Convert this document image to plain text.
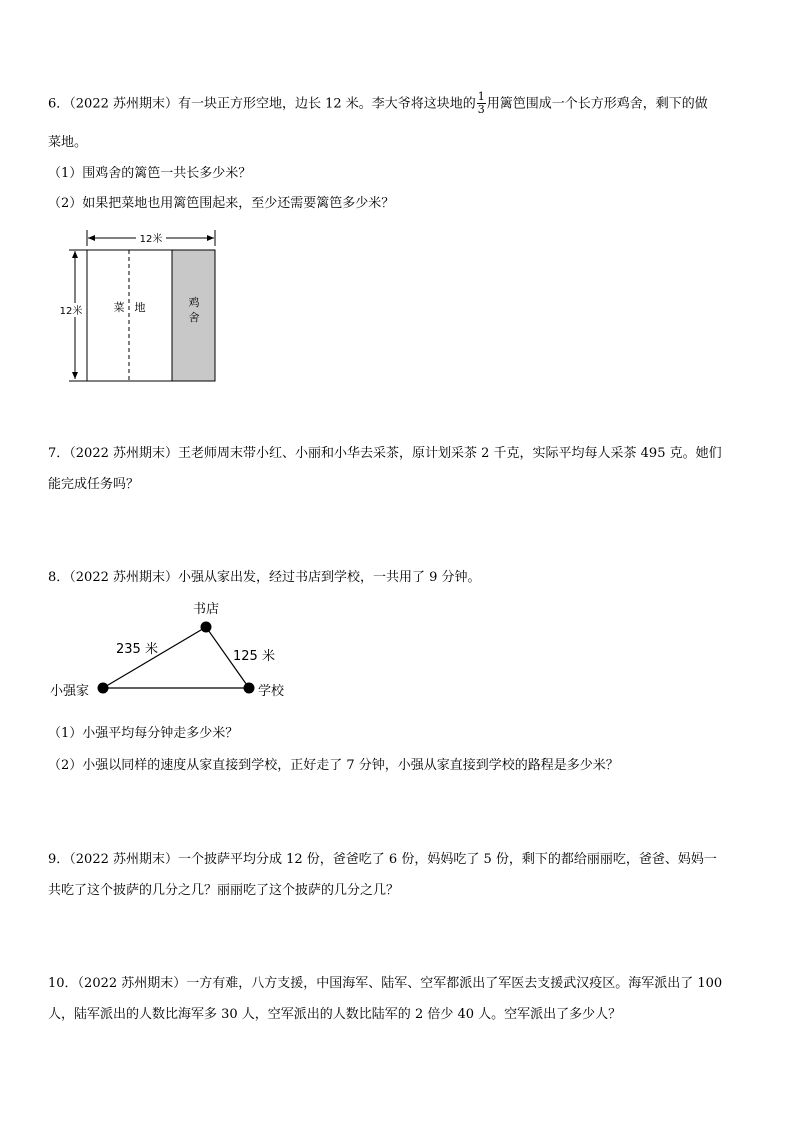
6．（2022 苏州期末）有一块正方形空地，边长 12 米。李大爷将这块地的 $\frac{1}{3}$ 用篱笆围成一个长方形鸡舍，剩下的做
菜地。
（1）围鸡舍的篱笆一共长多少米？
（2）如果把菜地也用篱笆围起来，至少还需要篱笆多少米？
12米
12米	菜 地	鸡
舍
7．（2022 苏州期末）王老师周末带小红、小丽和小华去采茶，原计划采茶 2 千克，实际平均每人采茶 495 克。她们
能完成任务吗？
8．（2022 苏州期末）小强从家出发，经过书店到学校，一共用了 9 分钟。
书店
小强家	学校
235 米	125 米
（1）小强平均每分钟走多少米？
（2）小强以同样的速度从家直接到学校，正好走了 7 分钟，小强从家直接到学校的路程是多少米？
9．（2022 苏州期末）一个披萨平均分成 12 份，爸爸吃了 6 份，妈妈吃了 5 份，剩下的都给丽丽吃，爸爸、妈妈一
共吃了这个披萨的几分之几？丽丽吃了这个披萨的几分之几？
10．（2022 苏州期末）一方有难，八方支援，中国海军、陆军、空军都派出了军医去支援武汉疫区。海军派出了 100
人，陆军派出的人数比海军多 30 人，空军派出的人数比陆军的 2 倍少 40 人。空军派出了多少人？
